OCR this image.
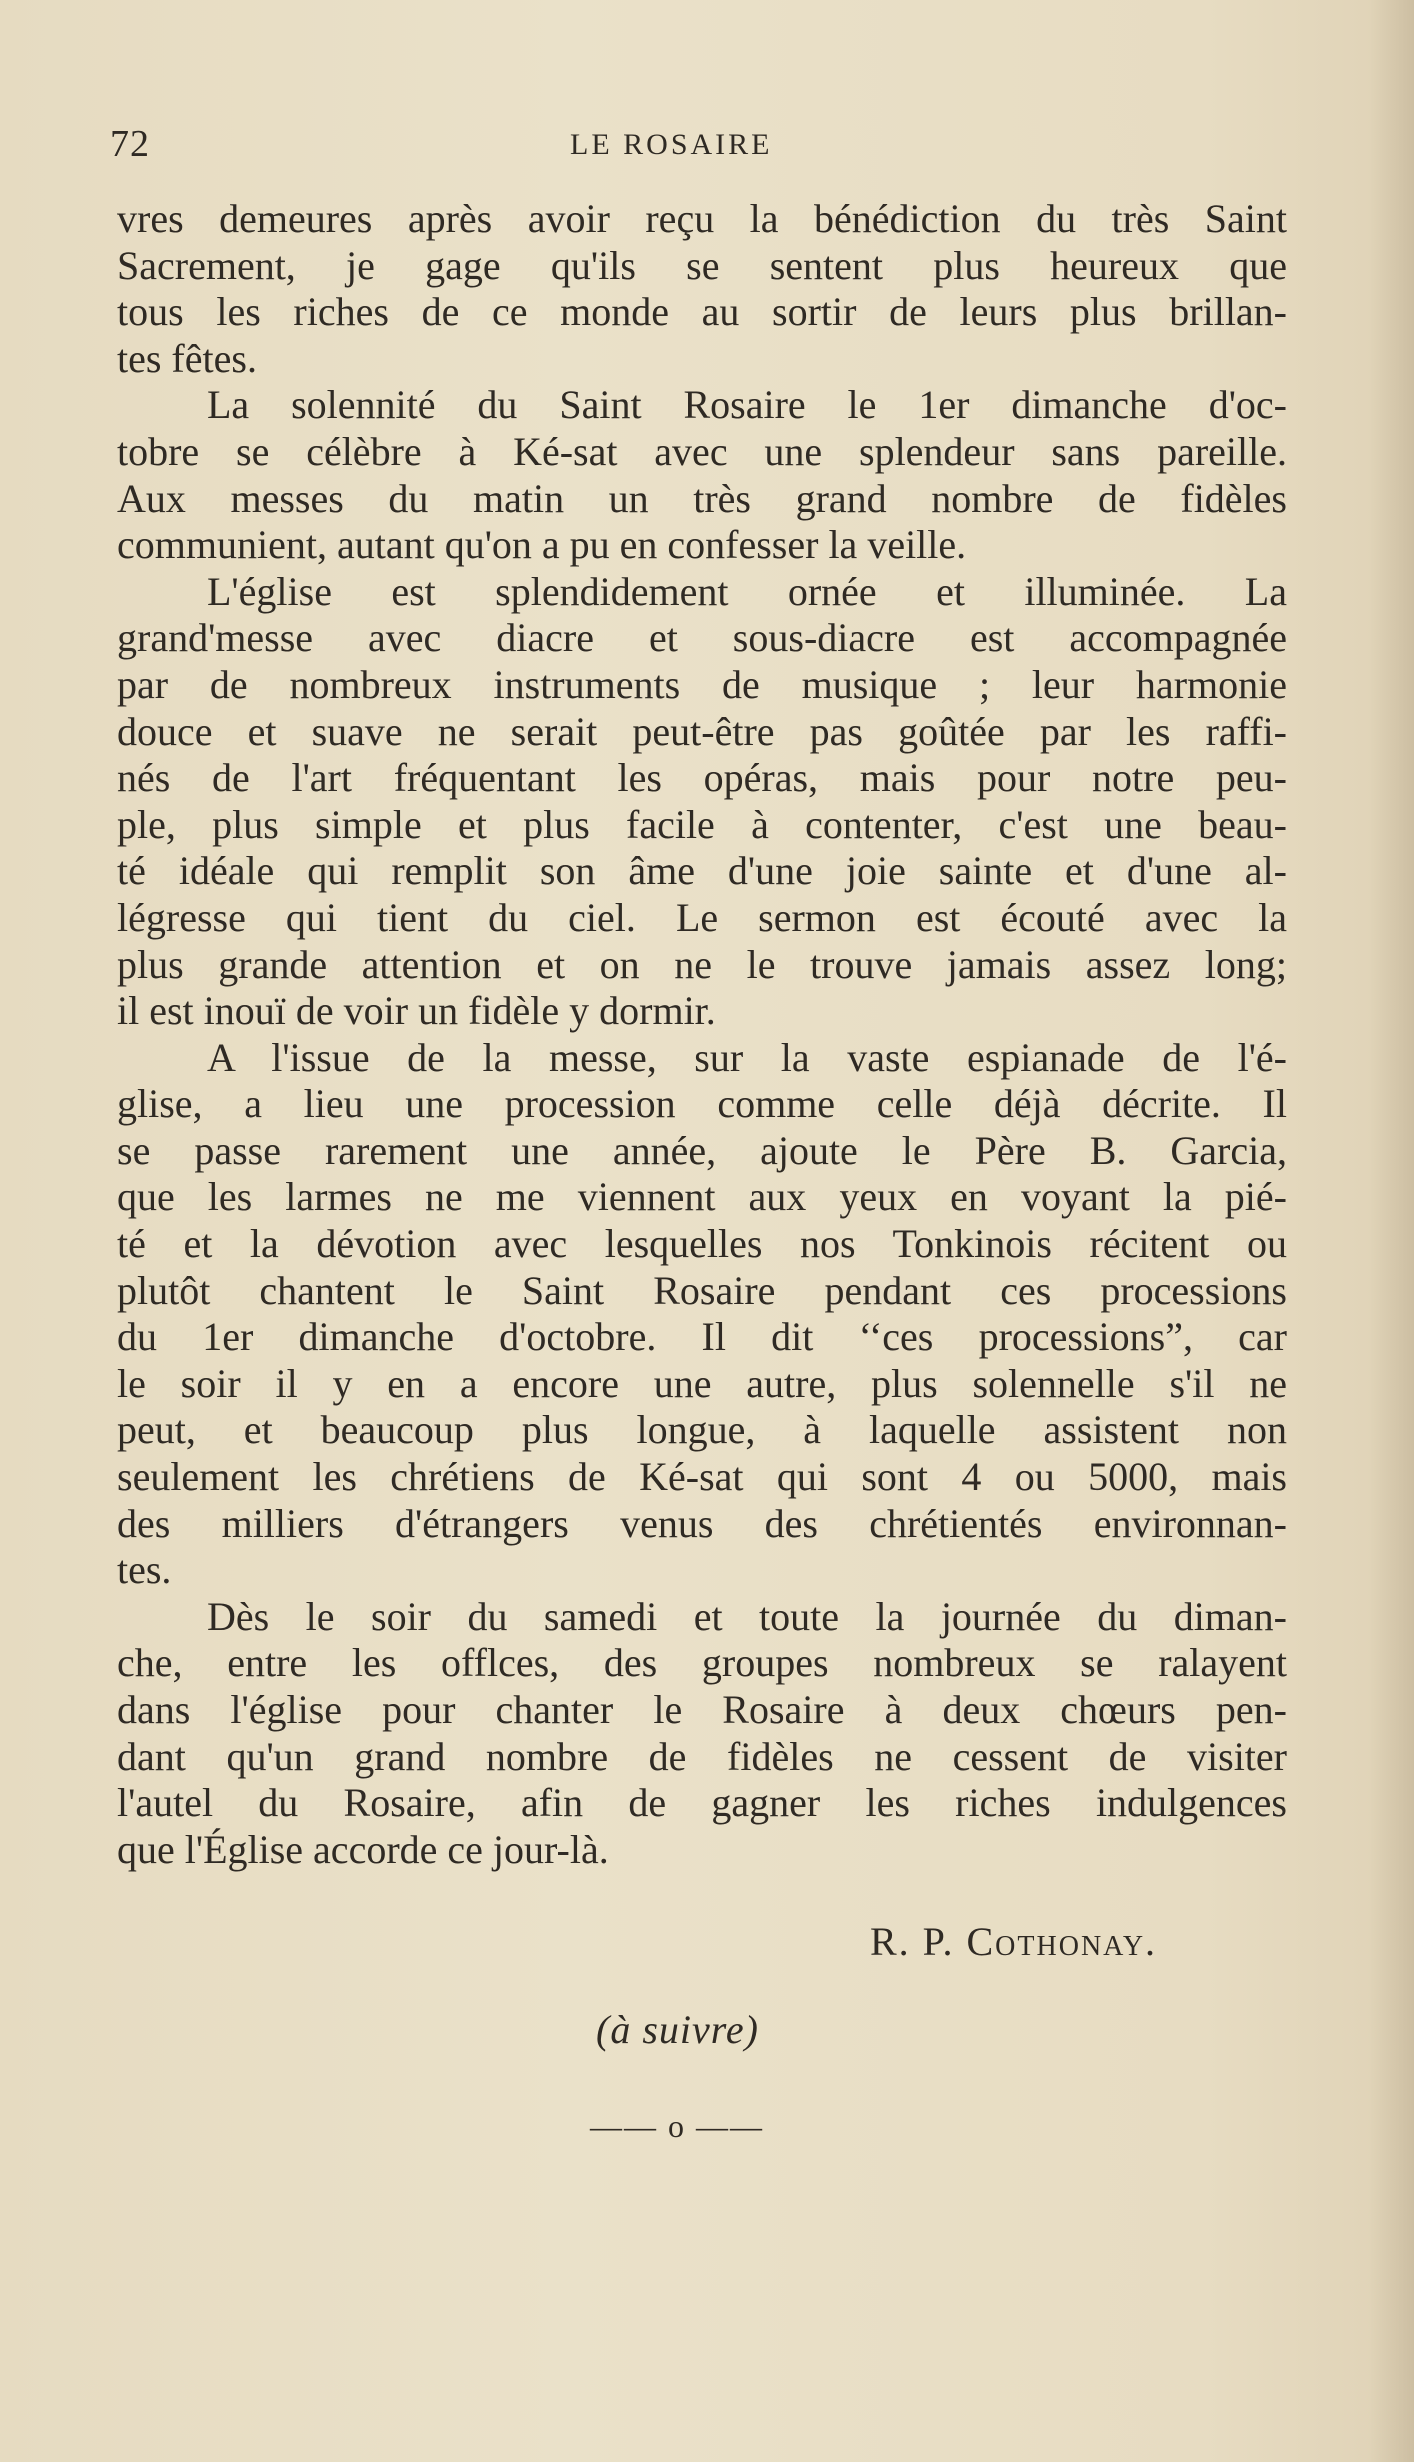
72	LE ROSAIRE
vres demeures après avoir reçu la bénédiction du très Saint
Sacrement, je gage qu'ils se sentent plus heureux que
tous les riches de ce monde au sortir de leurs plus brillan-
tes fêtes.
La solennité du Saint Rosaire le 1er dimanche d'oc-
tobre se célèbre à Ké-sat avec une splendeur sans pareille.
Aux messes du matin un très grand nombre de fidèles
communient, autant qu'on a pu en confesser la veille.
L'église est splendidement ornée et illuminée. La
grand'messe avec diacre et sous-diacre est accompagnée
par de nombreux instruments de musique ; leur harmonie
douce et suave ne serait peut-être pas goûtée par les raffi-
nés de l'art fréquentant les opéras, mais pour notre peu-
ple, plus simple et plus facile à contenter, c'est une beau-
té idéale qui remplit son âme d'une joie sainte et d'une al-
légresse qui tient du ciel. Le sermon est écouté avec la
plus grande attention et on ne le trouve jamais assez long;
il est inouï de voir un fidèle y dormir.
A l'issue de la messe, sur la vaste espianade de l'é-
glise, a lieu une procession comme celle déjà décrite. Il
se passe rarement une année, ajoute le Père B. Garcia,
que les larmes ne me viennent aux yeux en voyant la pié-
té et la dévotion avec lesquelles nos Tonkinois récitent ou
plutôt chantent le Saint Rosaire pendant ces processions
du 1er dimanche d'octobre. Il dit ‘‘ces processions”, car
le soir il y en a encore une autre, plus solennelle s'il ne
peut, et beaucoup plus longue, à laquelle assistent non
seulement les chrétiens de Ké-sat qui sont 4 ou 5000, mais
des milliers d'étrangers venus des chrétientés environnan-
tes.
Dès le soir du samedi et toute la journée du diman-
che, entre les offlces, des groupes nombreux se ralayent
dans l'église pour chanter le Rosaire à deux chœurs pen-
dant qu'un grand nombre de fidèles ne cessent de visiter
l'autel du Rosaire, afin de gagner les riches indulgences
que l'Église accorde ce jour-là.
R. P. Cothonay.
(à suivre)
—— o ——
